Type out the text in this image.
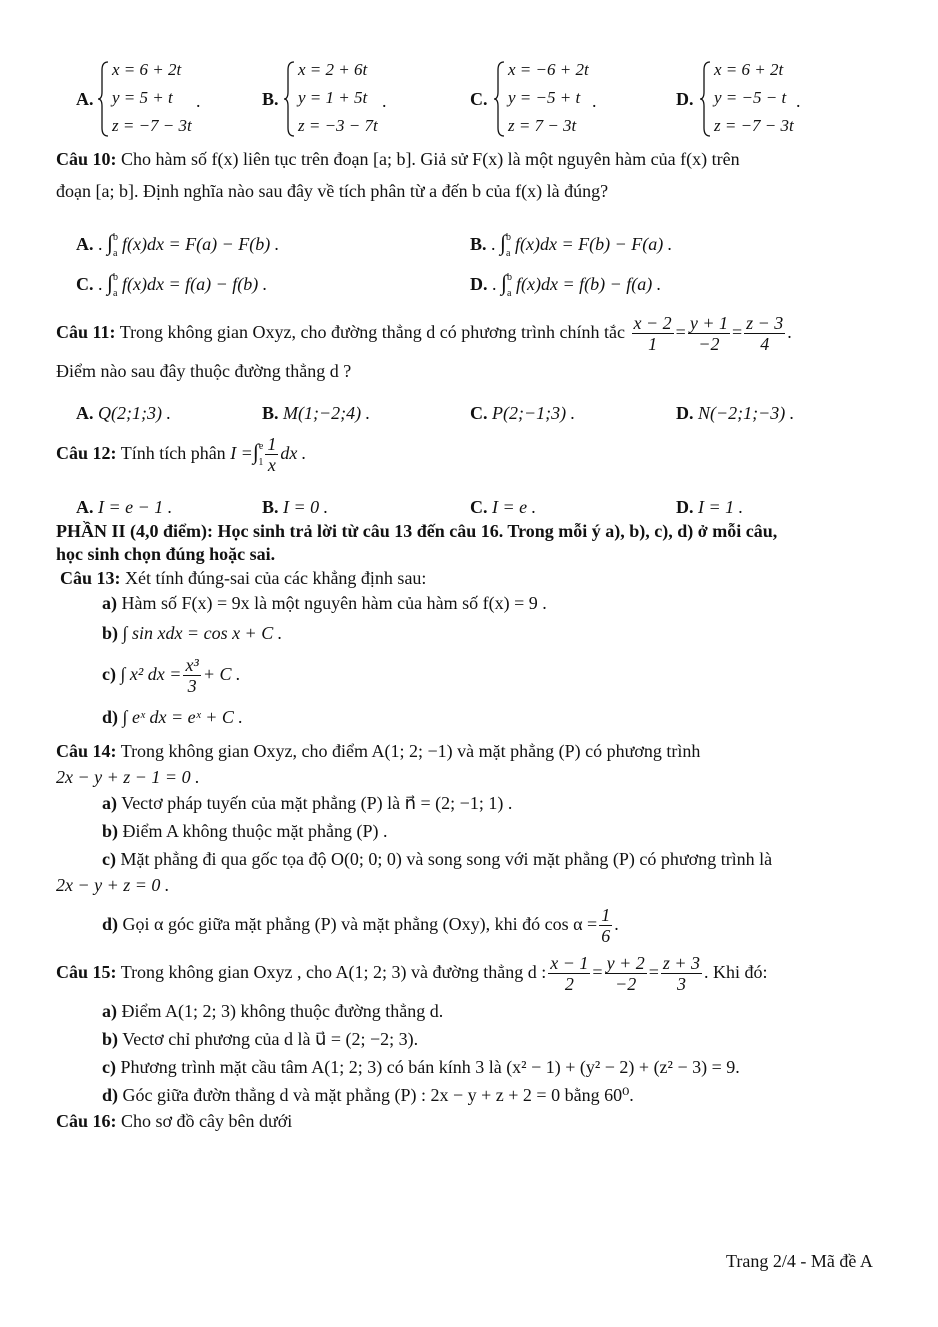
A.
x = 6 + 2t
y = 5 + t
z = −7 − 3t
.	B.
x = 2 + 6t
y = 1 + 5t
z = −3 − 7t
.	C.
x = −6 + 2t
y = −5 + t
z = 7 − 3t
.	D.
x = 6 + 2t
y = −5 − t
z = −7 − 3t
.
Câu 10: Cho hàm số f(x) liên tục trên đoạn [a; b]. Giả sử F(x) là một nguyên hàm của f(x) trên
đoạn [a; b]. Định nghĩa nào sau đây về tích phân từ a đến b của f(x) là đúng?
A. . ∫$^b_a$ f(x)dx = F(a) − F(b) .	B. . ∫$^b_a$ f(x)dx = F(b) − F(a) .
C. . ∫$^b_a$ f(x)dx = f(a) − f(b) .	D. . ∫$^b_a$ f(x)dx = f(b) − f(a) .
Câu 11: Trong không gian Oxyz, cho đường thẳng d có phương trình chính tắc $\frac{x - 2}{1} = \frac{y + 1}{-2} = \frac{z - 3}{4}$ .
Điểm nào sau đây thuộc đường thẳng d ?
A. Q(2;1;3) .	B. M(1;−2;4) .	C. P(2;−1;3) .	D. N(−2;1;−3) .
Câu 12: Tính tích phân $I =\int^e_1 \frac{1}{x}$ dx .
A. I = e − 1 .	B. I = 0 .	C. I = e .	D. I = 1 .
PHẦN II (4,0 điểm): Học sinh trả lời từ câu 13 đến câu 16. Trong mỗi ý a), b), c), d) ở mỗi câu,
học sinh chọn đúng hoặc sai.
Câu 13: Xét tính đúng-sai của các khẳng định sau:
a) Hàm số F(x) = 9x là một nguyên hàm của hàm số f(x) = 9 .
b) ∫ sin xdx = cos x + C .
c) ∫ x² dx = $\frac{\text{x³}}{3} + C$ .
d) ∫ eˣ dx = eˣ + C .
Câu 14: Trong không gian Oxyz, cho điểm A(1; 2; −1) và mặt phẳng (P) có phương trình
2x − y + z − 1 = 0 .
a) Vectơ pháp tuyến của mặt phẳng (P) là n⃗ = (2; −1; 1) .
b) Điểm A không thuộc mặt phẳng (P) .
c) Mặt phẳng đi qua gốc tọa độ O(0; 0; 0) và song song với mặt phẳng (P) có phương trình là
2x − y + z = 0 .
d) Gọi α góc giữa mặt phẳng (P) và mặt phẳng (Oxy), khi đó $\cos \alpha = \frac{1}{6}$ .
Câu 15: Trong không gian Oxyz , cho A(1; 2; 3) và đường thẳng d : $\frac{x - 1}{2} = \frac{y + 2}{-2} = \frac{z + 3}{3}$ . Khi đó:
a) Điểm A(1; 2; 3) không thuộc đường thẳng d.
b) Vectơ chỉ phương của d là u⃗ = (2; −2; 3).
c) Phương trình mặt cầu tâm A(1; 2; 3) có bán kính 3 là (x² − 1) + (y² − 2) + (z² − 3) = 9.
d) Góc giữa đườn thẳng d và mặt phẳng (P) : 2x − y + z + 2 = 0 bằng 60⁰.
Câu 16: Cho sơ đồ cây bên dưới
Trang 2/4 - Mã đề A
